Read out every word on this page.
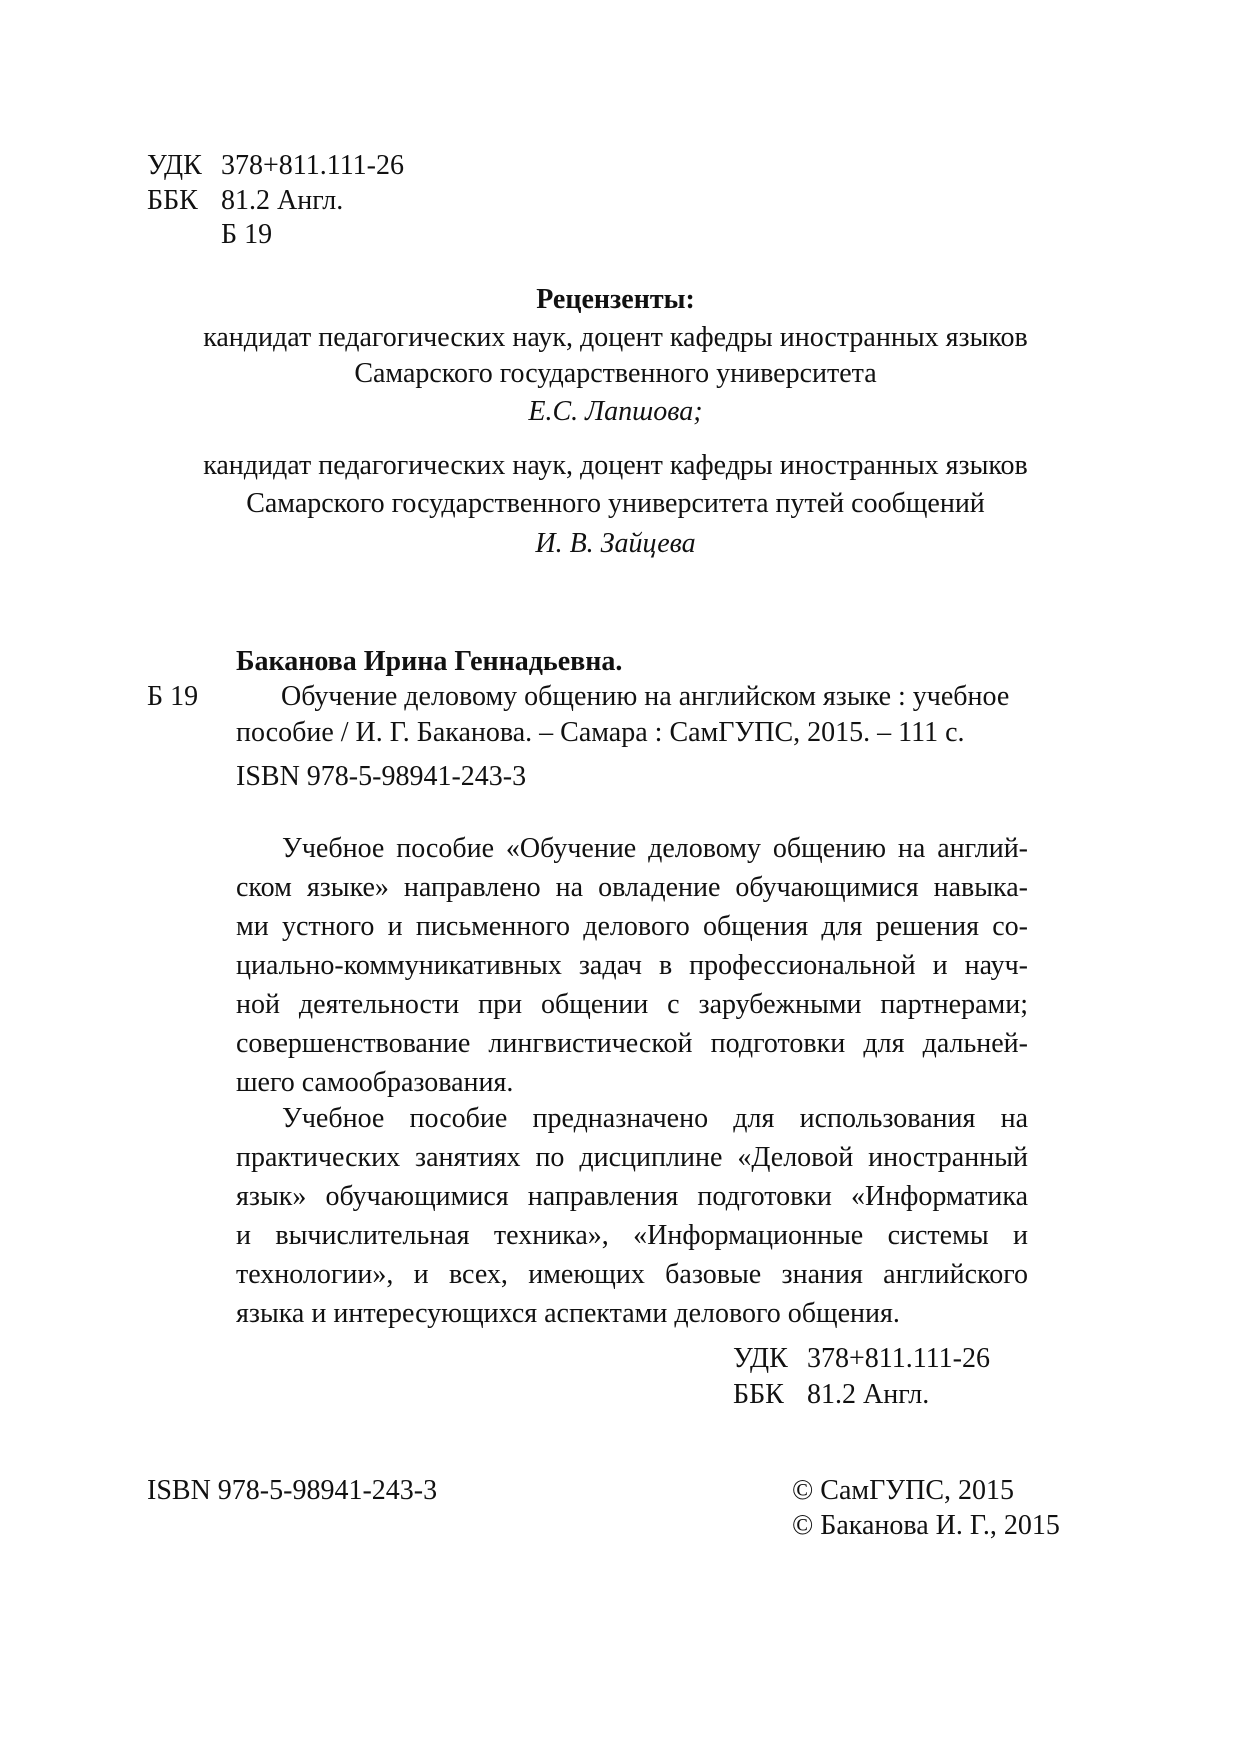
УДК 378+811.111-26
ББК 81.2 Англ.
Б 19
Рецензенты:
кандидат педагогических наук, доцент кафедры иностранных языков
Самарского государственного университета
Е.С. Лапшова;
кандидат педагогических наук, доцент кафедры иностранных языков
Самарского государственного университета путей сообщений
И. В. Зайцева
Баканова Ирина Геннадьевна.
Б 19	Обучение деловому общению на английском языке : учебное
пособие / И. Г. Баканова. – Самара : СамГУПС, 2015. – 111 с.
ISBN 978-5-98941-243-3
Учебное пособие «Обучение деловому общению на англий-
ском языке» направлено на овладение обучающимися навыка-
ми устного и письменного делового общения для решения со-
циально-коммуникативных задач в профессиональной и науч-
ной деятельности при общении с зарубежными партнерами;
совершенствование лингвистической подготовки для дальней-
шего самообразования.
Учебное пособие предназначено для использования на
практических занятиях по дисциплине «Деловой иностранный
язык» обучающимися направления подготовки «Информатика
и вычислительная техника», «Информационные системы и
технологии», и всех, имеющих базовые знания английского
языка и интересующихся аспектами делового общения.
УДК 378+811.111-26
ББК 81.2 Англ.
ISBN 978-5-98941-243-3	© СамГУПС, 2015
© Баканова И. Г., 2015
